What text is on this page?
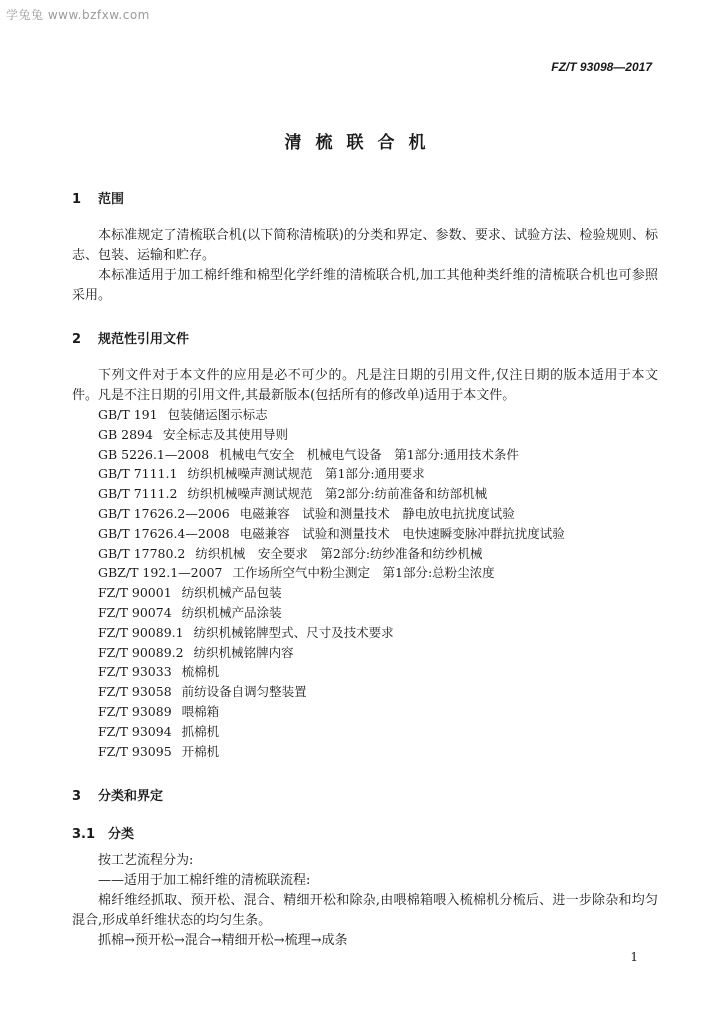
学兔兔 www.bzfxw.com
FZ/T 93098—2017
清梳联合机
1 范围
本标准规定了清梳联合机(以下简称清梳联)的分类和界定、参数、要求、试验方法、检验规则、标志、包装、运输和贮存。
本标准适用于加工棉纤维和棉型化学纤维的清梳联合机,加工其他种类纤维的清梳联合机也可参照采用。
2 规范性引用文件
下列文件对于本文件的应用是必不可少的。凡是注日期的引用文件,仅注日期的版本适用于本文件。凡是不注日期的引用文件,其最新版本(包括所有的修改单)适用于本文件。
GB/T 191 包装储运图示标志
GB 2894 安全标志及其使用导则
GB 5226.1—2008 机械电气安全　机械电气设备　第1部分:通用技术条件
GB/T 7111.1 纺织机械噪声测试规范　第1部分:通用要求
GB/T 7111.2 纺织机械噪声测试规范　第2部分:纺前准备和纺部机械
GB/T 17626.2—2006 电磁兼容　试验和测量技术　静电放电抗扰度试验
GB/T 17626.4—2008 电磁兼容　试验和测量技术　电快速瞬变脉冲群抗扰度试验
GB/T 17780.2 纺织机械　安全要求　第2部分:纺纱准备和纺纱机械
GBZ/T 192.1—2007 工作场所空气中粉尘测定　第1部分:总粉尘浓度
FZ/T 90001 纺织机械产品包装
FZ/T 90074 纺织机械产品涂装
FZ/T 90089.1 纺织机械铭牌型式、尺寸及技术要求
FZ/T 90089.2 纺织机械铭牌内容
FZ/T 93033 梳棉机
FZ/T 93058 前纺设备自调匀整装置
FZ/T 93089 喂棉箱
FZ/T 93094 抓棉机
FZ/T 93095 开棉机
3 分类和界定
3.1 分类
按工艺流程分为:
——适用于加工棉纤维的清梳联流程:
棉纤维经抓取、预开松、混合、精细开松和除杂,由喂棉箱喂入梳棉机分梳后、进一步除杂和均匀混合,形成单纤维状态的均匀生条。
抓棉→预开松→混合→精细开松→梳理→成条
1
